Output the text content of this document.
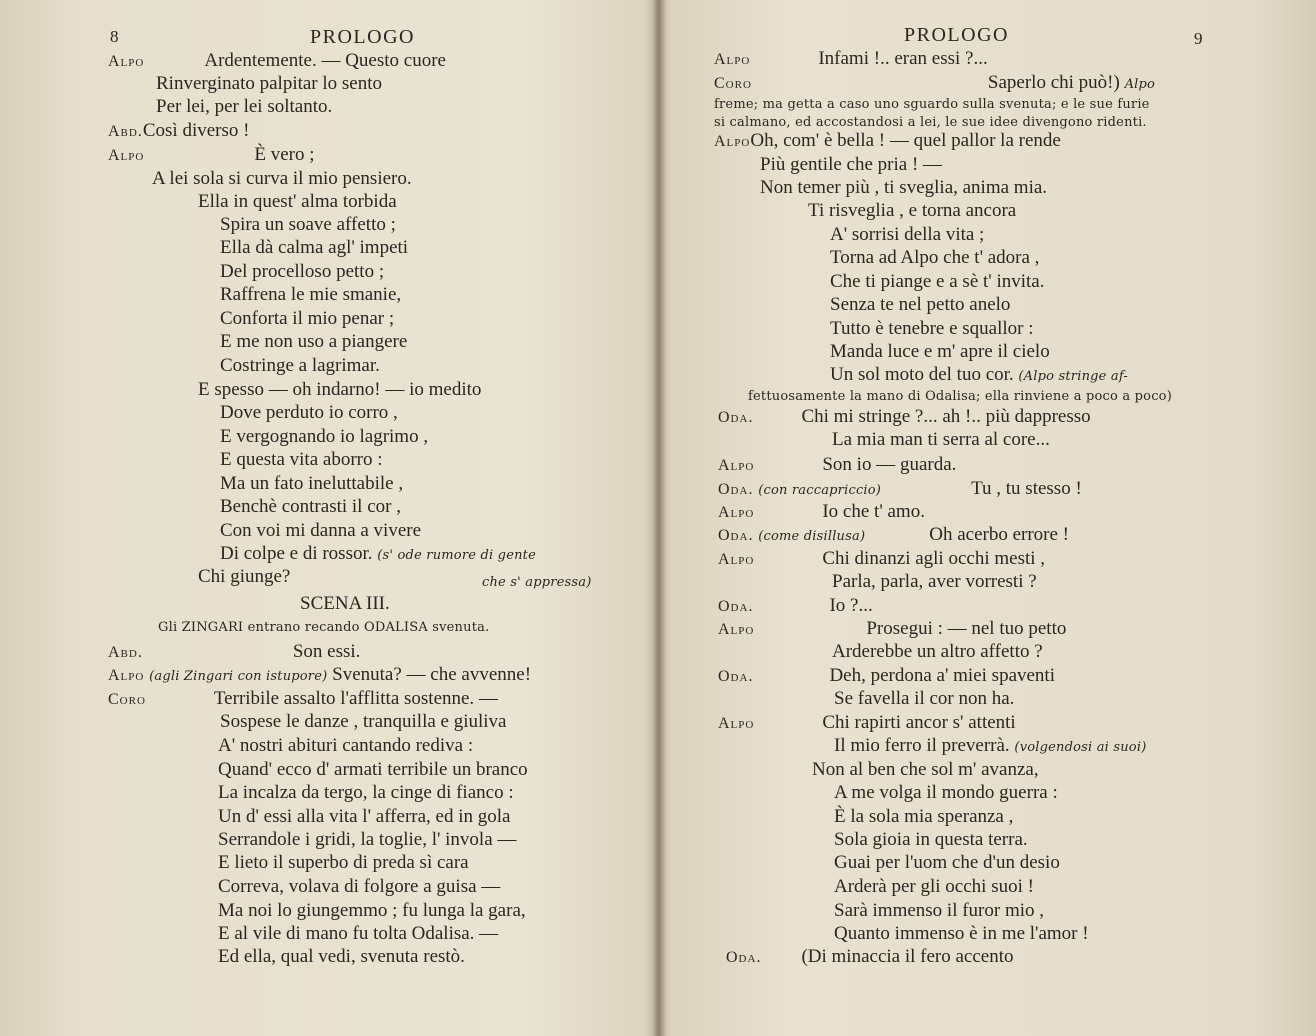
8	PROLOGO
Alpo	Ardentemente. — Questo cuore
Rinverginato palpitar lo sento
Per lei, per lei soltanto.
Abd.Così diverso !
Alpo	È vero ;
A lei sola si curva il mio pensiero.
Ella in quest' alma torbida
Spira un soave affetto ;
Ella dà calma agl' impeti
Del procelloso petto ;
Raffrena le mie smanie,
Conforta il mio penar ;
E me non uso a piangere
Costringe a lagrimar.
E spesso — oh indarno! — io medito
Dove perduto io corro ,
E vergognando io lagrimo ,
E questa vita aborro :
Ma un fato ineluttabile ,
Benchè contrasti il cor ,
Con voi mi danna a vivere
Di colpe e di rossor. (s' ode rumore di gente
Chi giunge?	che s' appressa)
SCENA III.
Gli ZINGARI entrano recando ODALISA svenuta.
Abd.	Son essi.
Alpo (agli Zingari con istupore) Svenuta? — che avvenne!
Coro	Terribile assalto l'afflitta sostenne. —
Sospese le danze , tranquilla e giuliva
A' nostri abituri cantando rediva :
Quand' ecco d' armati terribile un branco
La incalza da tergo, la cinge di fianco :
Un d' essi alla vita l' afferra, ed in gola
Serrandole i gridi, la toglie, l' invola —
E lieto il superbo di preda sì cara
Correva, volava di folgore a guisa —
Ma noi lo giungemmo ; fu lunga la gara,
E al vile di mano fu tolta Odalisa. —
Ed ella, qual vedi, svenuta restò.
PROLOGO	9
Alpo	Infami !.. eran essi ?...
Coro	Saperlo chi può!) Alpo
freme; ma getta a caso uno sguardo sulla svenuta; e le sue furie
si calmano, ed accostandosi a lei, le sue idee divengono ridenti.
AlpoOh, com' è bella ! — quel pallor la rende
Più gentile che pria ! —
Non temer più , ti sveglia, anima mia.
Ti risveglia , e torna ancora
A' sorrisi della vita ;
Torna ad Alpo che t' adora ,
Che ti piange e a sè t' invita.
Senza te nel petto anelo
Tutto è tenebre e squallor :
Manda luce e m' apre il cielo
Un sol moto del tuo cor. (Alpo stringe af-
fettuosamente la mano di Odalisa; ella rinviene a poco a poco)
Oda.	Chi mi stringe ?... ah !.. più dappresso
La mia man ti serra al core...
Alpo	Son io — guarda.
Oda. (con raccapriccio)	Tu , tu stesso !
Alpo	Io che t' amo.
Oda. (come disillusa)	Oh acerbo errore !
Alpo	Chi dinanzi agli occhi mesti ,
Parla, parla, aver vorresti ?
Oda.	Io ?...
Alpo	Prosegui : — nel tuo petto
Arderebbe un altro affetto ?
Oda.	Deh, perdona a' miei spaventi
Se favella il cor non ha.
Alpo	Chi rapirti ancor s' attenti
Il mio ferro il preverrà. (volgendosi ai suoi)
Non al ben che sol m' avanza,
A me volga il mondo guerra :
È la sola mia speranza ,
Sola gioia in questa terra.
Guai per l'uom che d'un desio
Arderà per gli occhi suoi !
Sarà immenso il furor mio ,
Quanto immenso è in me l'amor !
Oda. (Di minaccia il fero accento
